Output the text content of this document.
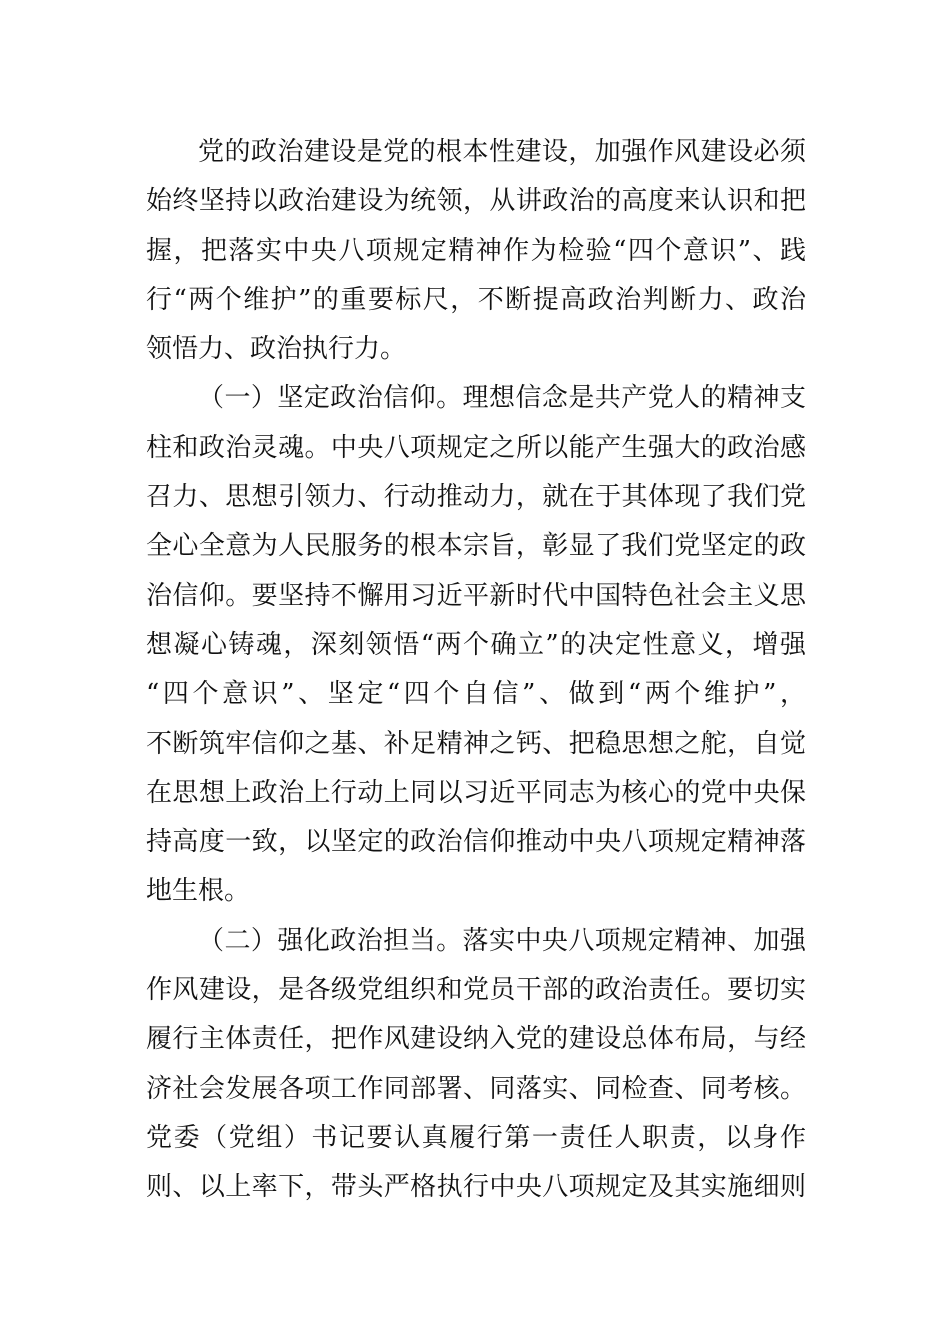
党的政治建设是党的根本性建设，加强作风建设必须
始终坚持以政治建设为统领，从讲政治的高度来认识和把
握，把落实中央八项规定精神作为检验“四个意识”、践
行“两个维护”的重要标尺，不断提高政治判断力、政治
领悟力、政治执行力。
（一）坚定政治信仰。理想信念是共产党人的精神支
柱和政治灵魂。中央八项规定之所以能产生强大的政治感
召力、思想引领力、行动推动力，就在于其体现了我们党
全心全意为人民服务的根本宗旨，彰显了我们党坚定的政
治信仰。要坚持不懈用习近平新时代中国特色社会主义思
想凝心铸魂，深刻领悟“两个确立”的决定性意义，增强
“四个意识”、坚定“四个自信”、做到“两个维护”，
不断筑牢信仰之基、补足精神之钙、把稳思想之舵，自觉
在思想上政治上行动上同以习近平同志为核心的党中央保
持高度一致，以坚定的政治信仰推动中央八项规定精神落
地生根。
（二）强化政治担当。落实中央八项规定精神、加强
作风建设，是各级党组织和党员干部的政治责任。要切实
履行主体责任，把作风建设纳入党的建设总体布局，与经
济社会发展各项工作同部署、同落实、同检查、同考核。
党委（党组）书记要认真履行第一责任人职责，以身作
则、以上率下，带头严格执行中央八项规定及其实施细则
